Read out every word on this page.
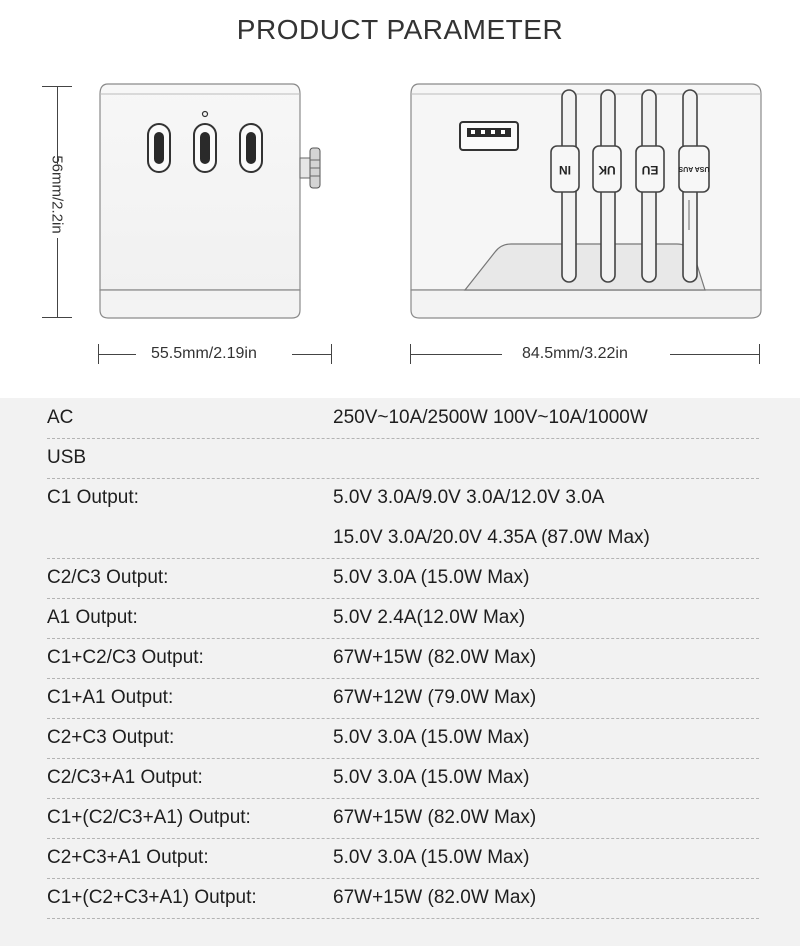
PRODUCT PARAMETER
56mm/2.2in	IN UK EU	USA AUS
55.5mm/2.19in	84.5mm/3.22in
AC	250V~10A/2500W 100V~10A/1000W
USB
C1 Output:	5.0V 3.0A/9.0V 3.0A/12.0V 3.0A
15.0V 3.0A/20.0V 4.35A (87.0W Max)
C2/C3 Output:	5.0V 3.0A (15.0W Max)
A1 Output:	5.0V 2.4A(12.0W Max)
C1+C2/C3 Output:	67W+15W (82.0W Max)
C1+A1 Output:	67W+12W (79.0W Max)
C2+C3 Output:	5.0V 3.0A (15.0W Max)
C2/C3+A1 Output:	5.0V 3.0A (15.0W Max)
C1+(C2/C3+A1) Output:	67W+15W (82.0W Max)
C2+C3+A1 Output:	5.0V 3.0A (15.0W Max)
C1+(C2+C3+A1) Output:	67W+15W (82.0W Max)
